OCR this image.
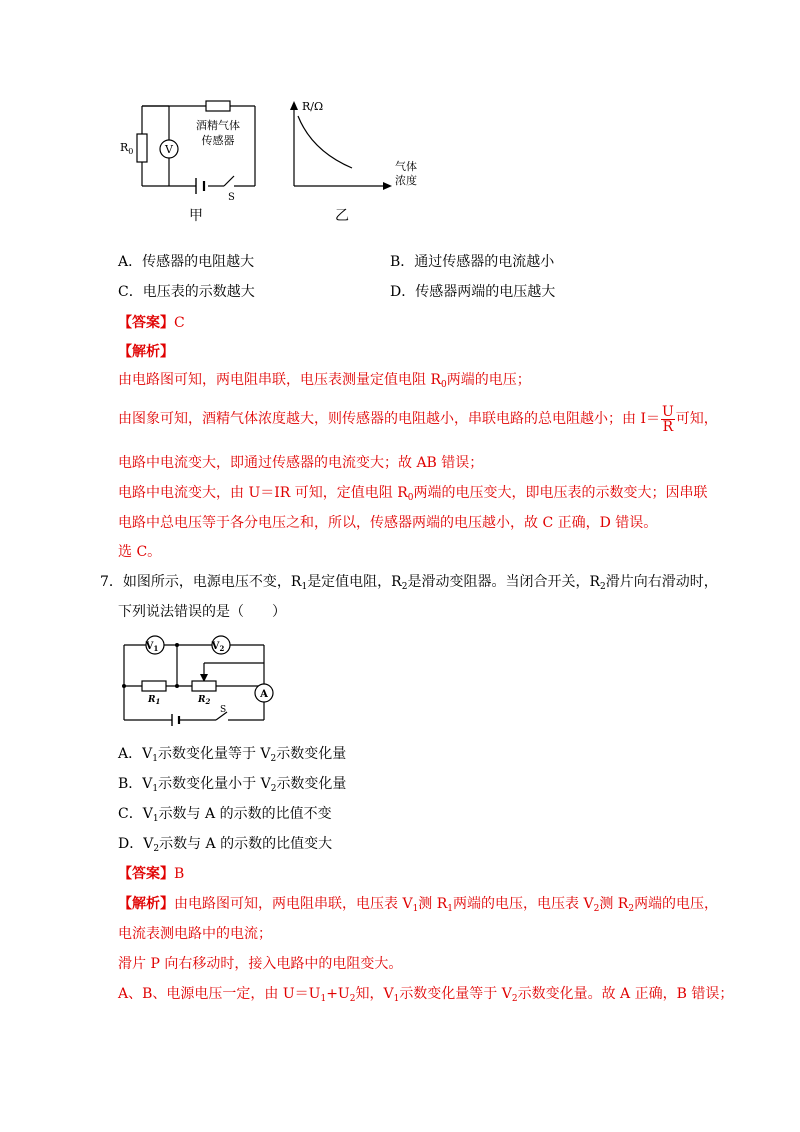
V
$R_0$
酒精气体
传感器
S
甲
R/Ω
气体
浓度
乙
A．传感器的电阻越大	B．通过传感器的电流越小
C．电压表的示数越大	D．传感器两端的电压越大
【答案】C
【解析】
由电路图可知，两电阻串联，电压表测量定值电阻 $R_0$两端的电压；
由图象可知，酒精气体浓度越大，则传感器的电阻越小，串联电路的总电阻越小；由 $I= \frac{U}{R}$ 可知，
电路中电流变大，即通过传感器的电流变大；故 AB 错误；
电路中电流变大，由 U＝IR 可知，定值电阻 $R_0$两端的电压变大，即电压表的示数变大；因串联
电路中总电压等于各分电压之和，所以，传感器两端的电压越小，故 C 正确，D 错误。
选 C。
7．如图所示，电源电压不变，$R_1$是定值电阻，$R_2$是滑动变阻器。当闭合开关，$R_2$滑片向右滑动时，
下列说法错误的是（　　）
$V_1$	$V_2$
A
$R_1$	$R_2$
S
A．$V_1$示数变化量等于 $V_2$示数变化量
B．$V_1$示数变化量小于 $V_2$示数变化量
C．$V_1$示数与 A 的示数的比值不变
D．$V_2$示数与 A 的示数的比值变大
【答案】B
【解析】由电路图可知，两电阻串联，电压表 $V_1$测 $R_1$两端的电压，电压表 $V_2$测 $R_2$两端的电压，
电流表测电路中的电流；
滑片 P 向右移动时，接入电路中的电阻变大。
A、B、电源电压一定，由 $U=U_1+U_2$知，$V_1$示数变化量等于 $V_2$示数变化量。故 A 正确，B 错误；
